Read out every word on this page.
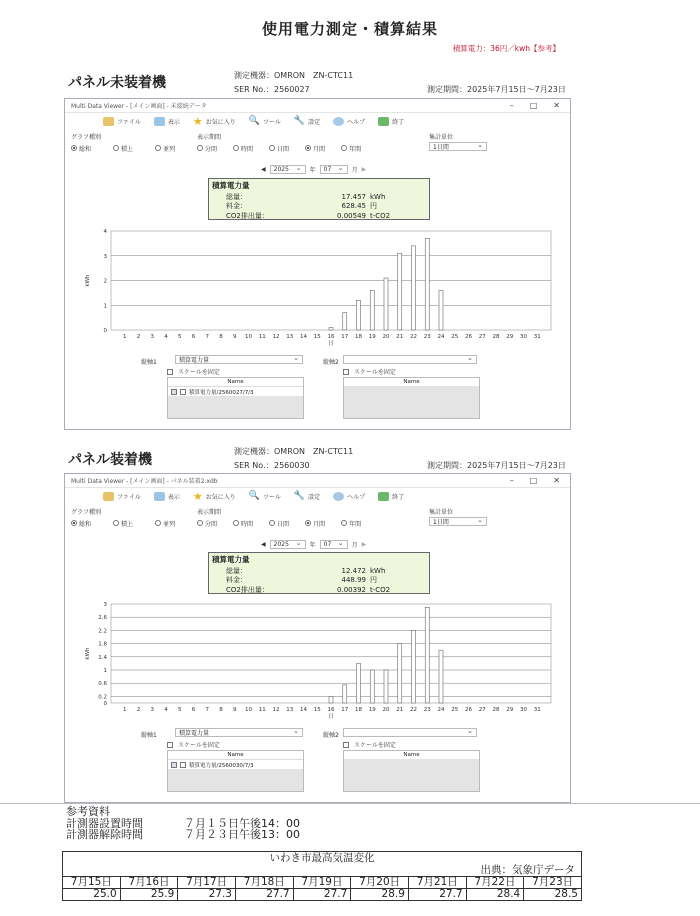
使用電力測定・積算結果
積算電力：36円／kwh【参考】
パネル未装着機	測定機器：OMRON　ZN-CTC11
SER No.：2560027	測定期間：2025年7月15日〜7月23日
Multi Data Viewer - [メイン画面] - 未接続データ	– □ ✕
ファイル	表示 ★ お気に入り 🔍 ツール 🔧 設定	ヘルプ	終了
グラフ種別
総和	積上	並列
表示期間
分間	時間	日間	月間	年間
集計単位
1日間 ⌄
◀	2025 ⌄	年	07 ⌄	月 ▶
積算電力量
総量：	17.457 kWh
料金：	628.45 円
CO2排出量：	0.00549 t-CO2
0
1
2
3
4
kWh
1 2 3 4 5 6 7 8 9 10 11 12 13 14 15 16 17 18 19 20 21 22 23 24 25 26 27 28 29 30 31
日
縦軸1	積算電力量 ⌄
スケールを固定
縦軸2
⌄
スケールを固定
Name
積算電力量/2560027/7/3
Name
パネル装着機
測定機器：OMRON　ZN-CTC11
SER No.：2560030	測定期間：2025年7月15日〜7月23日
Multi Data Viewer - [メイン画面] - パネル装着2.xdb	– □ ✕
ファイル	表示 ★ お気に入り 🔍 ツール 🔧 設定	ヘルプ	終了
グラフ種別
総和	積上	並列
表示期間
分間	時間	日間	月間	年間
集計単位
1日間 ⌄
◀	2025 ⌄	年	07 ⌄	月 ▶
積算電力量
総量：	12.472 kWh
料金：	448.99 円
CO2排出量：	0.00392 t-CO2
0
0.2
0.6
1
1.4
1.8
2.2
2.6
3
kWh
1 2 3 4 5 6 7 8 9 10 11 12 13 14 15 16 17 18 19 20 21 22 23 24 25 26 27 28 29 30 31
日
縦軸1	積算電力量 ⌄
スケールを固定
縦軸2
⌄
スケールを固定
Name
積算電力量/2560030/7/3
Name
参考資料
計測器設置時間	７月１５日午後14：00
計測器解除時間	７月２３日午後13：00
いわき市最高気温変化
出典：気象庁データ								

7月15日	7月16日	7月17日	7月18日	7月19日	7月20日	7月21日	7月22日	7月23日
25.0	25.9	27.3	27.7	27.7	28.9	27.7	28.4	28.5
